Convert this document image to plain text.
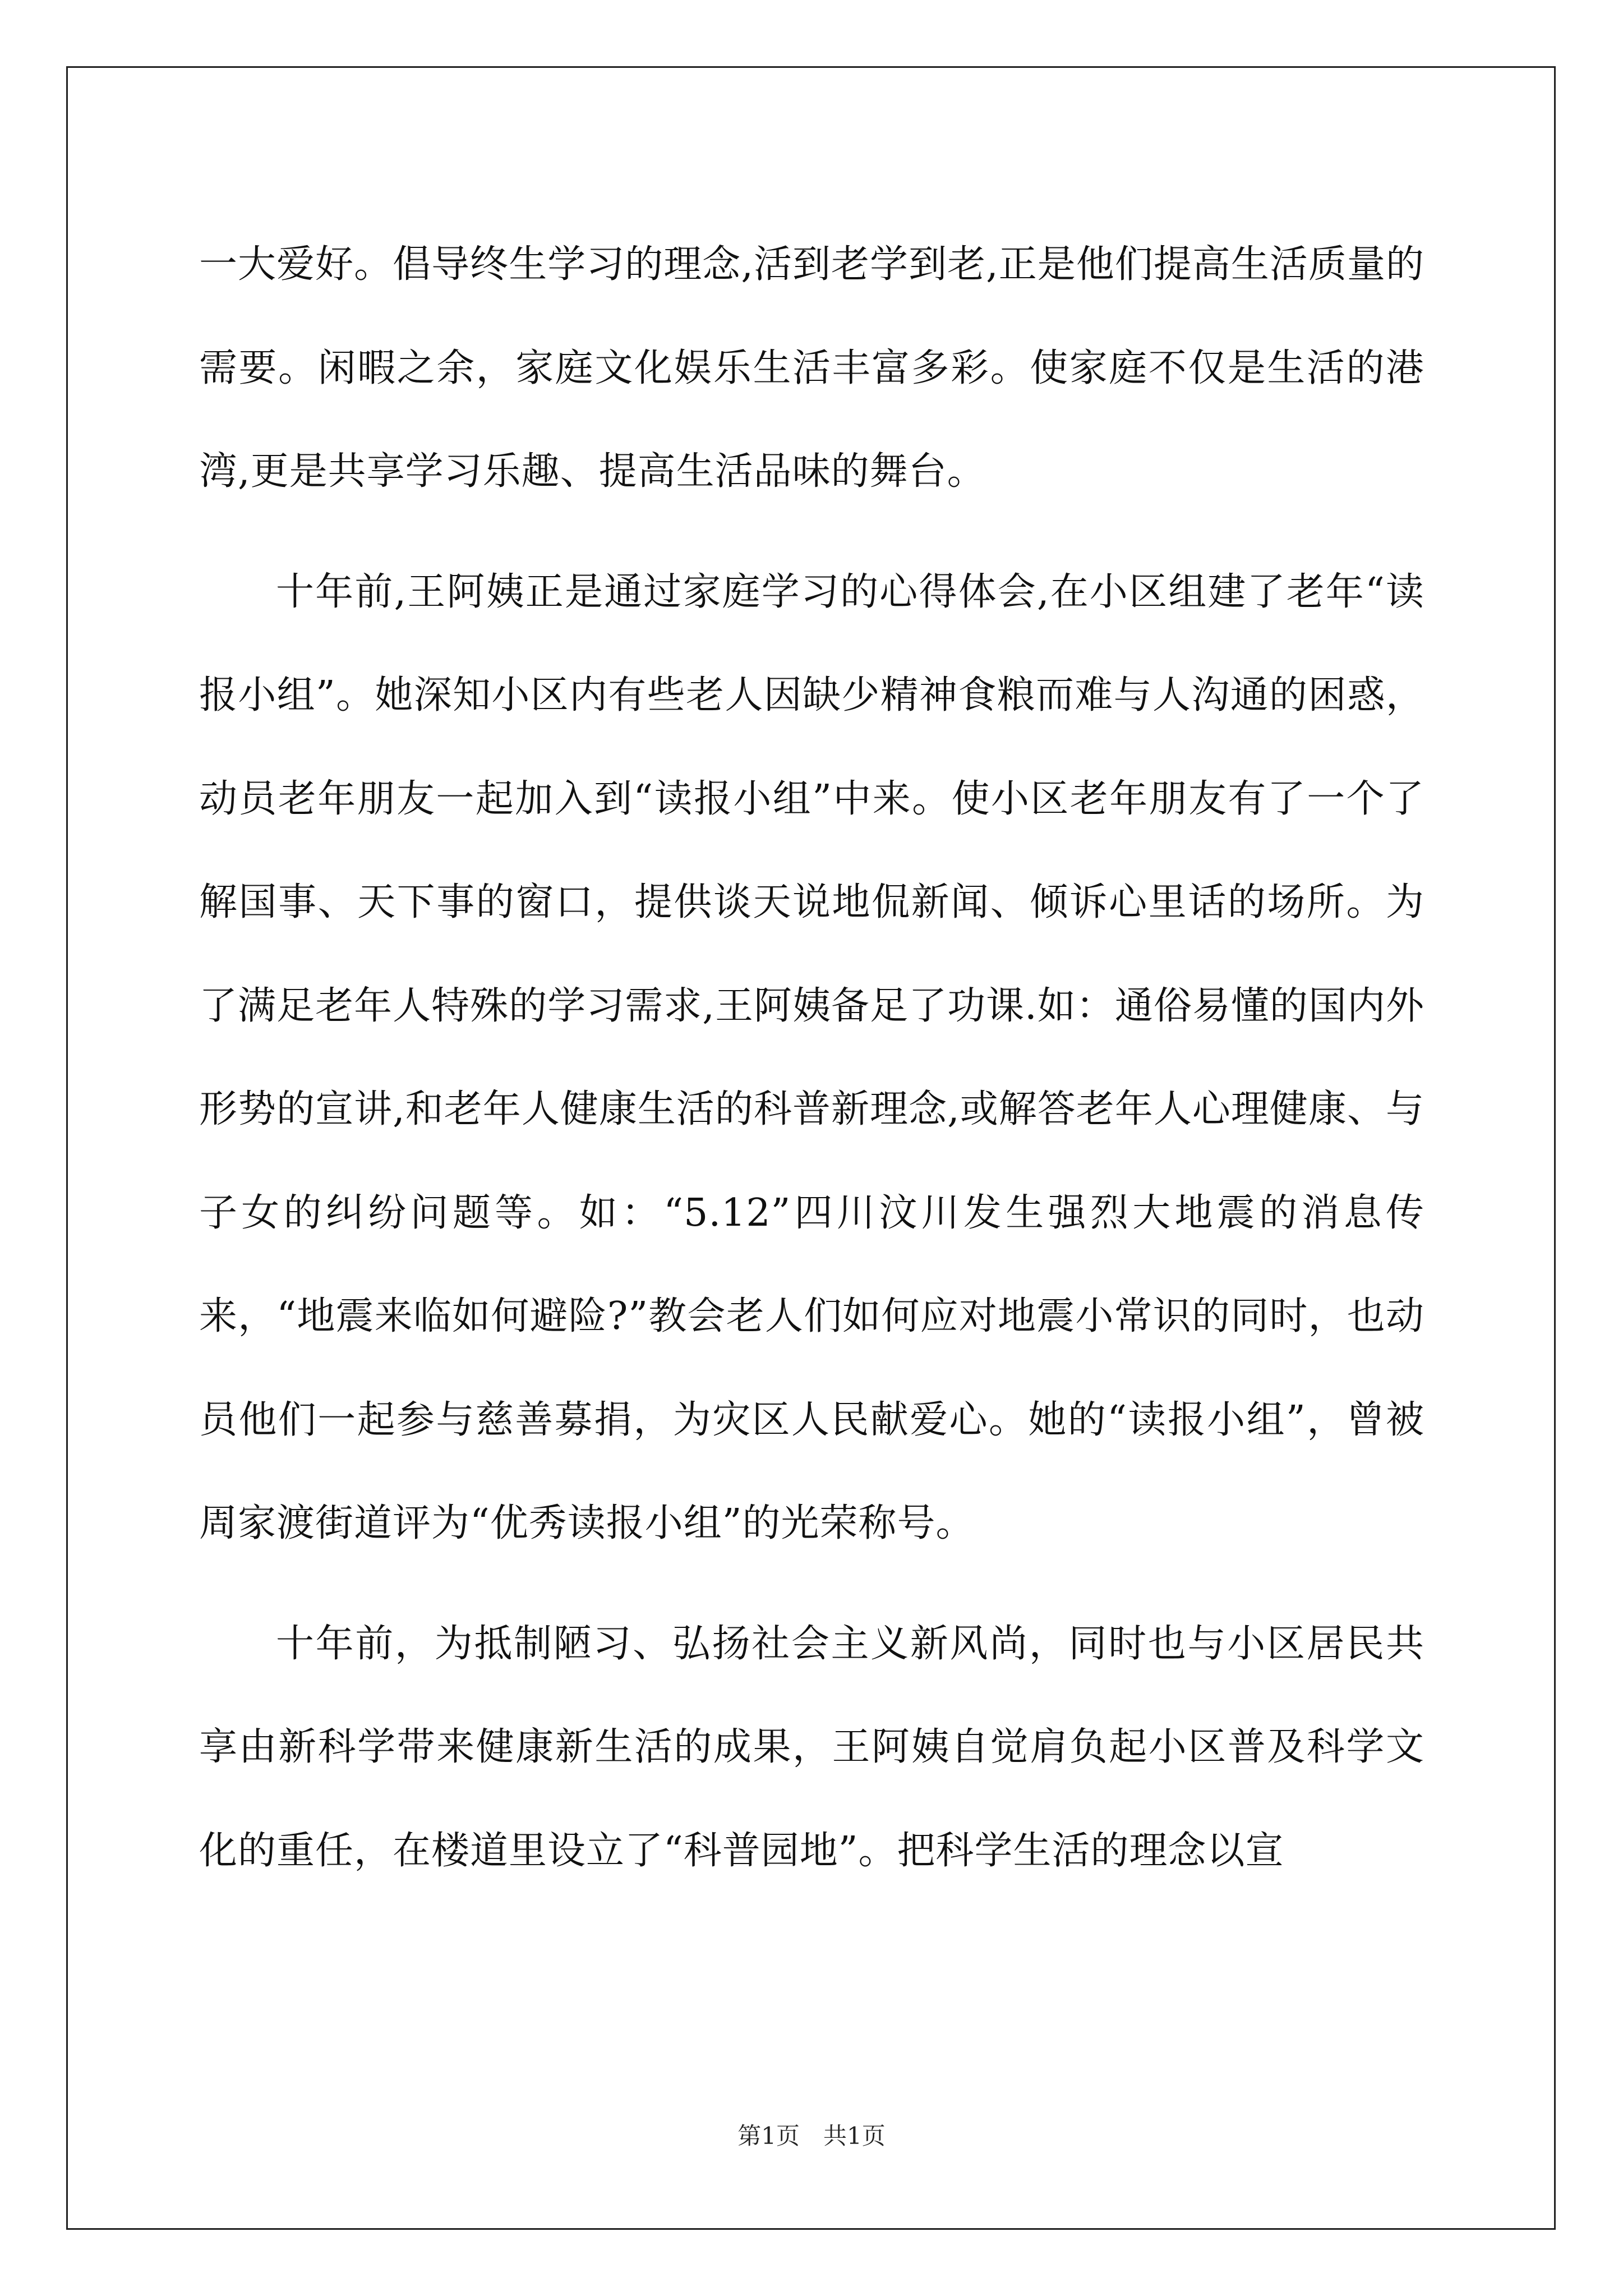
一大爱好。倡导终生学习的理念,活到老学到老,正是他们提高生活质量的需要。闲暇之余，家庭文化娱乐生活丰富多彩。使家庭不仅是生活的港湾,更是共享学习乐趣、提高生活品味的舞台。

十年前,王阿姨正是通过家庭学习的心得体会,在小区组建了老年“读报小组”。她深知小区内有些老人因缺少精神食粮而难与人沟通的困惑，动员老年朋友一起加入到“读报小组”中来。使小区老年朋友有了一个了解国事、天下事的窗口，提供谈天说地侃新闻、倾诉心里话的场所。为了满足老年人特殊的学习需求,王阿姨备足了功课.如：通俗易懂的国内外形势的宣讲,和老年人健康生活的科普新理念,或解答老年人心理健康、与子女的纠纷问题等。如：“5.12”四川汶川发生强烈大地震的消息传来，“地震来临如何避险?”教会老人们如何应对地震小常识的同时，也动员他们一起参与慈善募捐，为灾区人民献爱心。她的“读报小组”，曾被周家渡街道评为“优秀读报小组”的光荣称号。

十年前，为抵制陋习、弘扬社会主义新风尚，同时也与小区居民共享由新科学带来健康新生活的成果，王阿姨自觉肩负起小区普及科学文化的重任，在楼道里设立了“科普园地”。把科学生活的理念以宣

第1页　共1页
